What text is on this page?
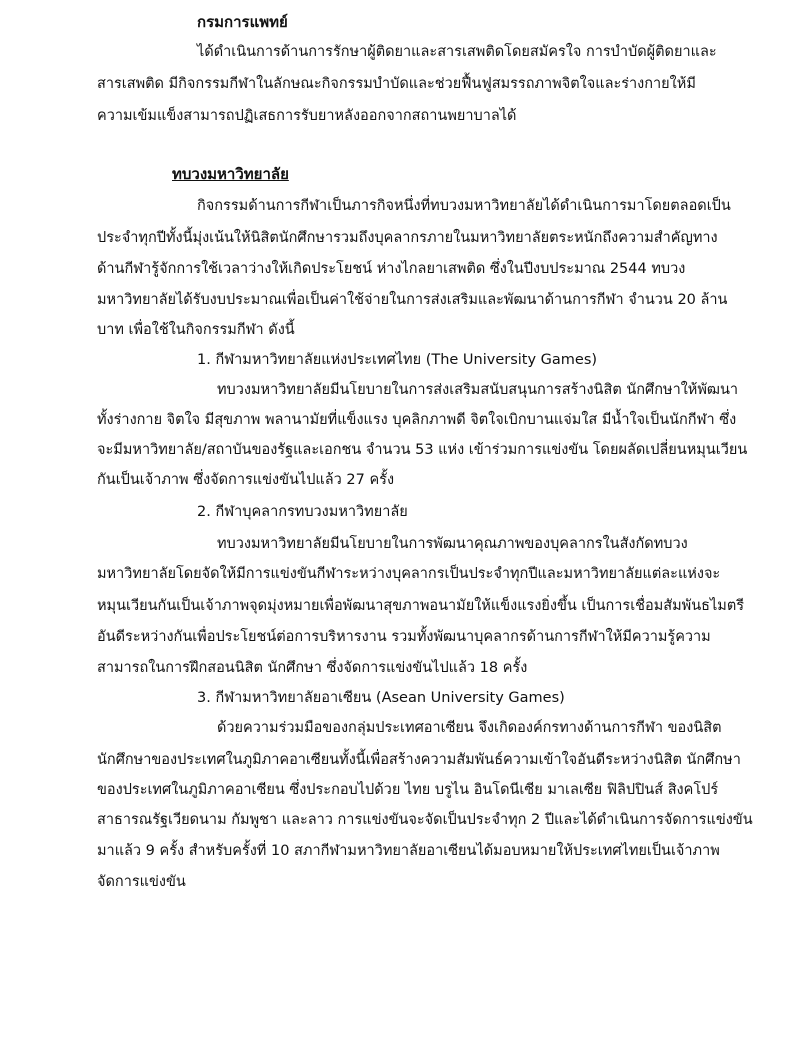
กรมการแพทย์
ได้ดำเนินการด้านการรักษาผู้ติดยาและสารเสพติดโดยสมัครใจ การบำบัดผู้ติดยาและ
สารเสพติด มีกิจกรรมกีฬาในลักษณะกิจกรรมบำบัดและช่วยฟื้นฟูสมรรถภาพจิตใจและร่างกายให้มี
ความเข้มแข็งสามารถปฏิเสธการรับยาหลังออกจากสถานพยาบาลได้
ทบวงมหาวิทยาลัย
กิจกรรมด้านการกีฬาเป็นภารกิจหนึ่งที่ทบวงมหาวิทยาลัยได้ดำเนินการมาโดยตลอดเป็น
ประจำทุกปีทั้งนี้มุ่งเน้นให้นิสิตนักศึกษารวมถึงบุคลากรภายในมหาวิทยาลัยตระหนักถึงความสำคัญทาง
ด้านกีฬารู้จักการใช้เวลาว่างให้เกิดประโยชน์ ห่างไกลยาเสพติด ซึ่งในปีงบประมาณ 2544 ทบวง
มหาวิทยาลัยได้รับงบประมาณเพื่อเป็นค่าใช้จ่ายในการส่งเสริมและพัฒนาด้านการกีฬา จำนวน 20 ล้าน
บาท เพื่อใช้ในกิจกรรมกีฬา ดังนี้
1. กีฬามหาวิทยาลัยแห่งประเทศไทย (The University Games)
ทบวงมหาวิทยาลัยมีนโยบายในการส่งเสริมสนับสนุนการสร้างนิสิต นักศึกษาให้พัฒนา
ทั้งร่างกาย จิตใจ มีสุขภาพ พลานามัยที่แข็งแรง บุคลิกภาพดี จิตใจเบิกบานแจ่มใส มีน้ำใจเป็นนักกีฬา ซึ่ง
จะมีมหาวิทยาลัย/สถาบันของรัฐและเอกชน จำนวน 53 แห่ง เข้าร่วมการแข่งขัน โดยผลัดเปลี่ยนหมุนเวียน
กันเป็นเจ้าภาพ ซึ่งจัดการแข่งขันไปแล้ว 27 ครั้ง
2. กีฬาบุคลากรทบวงมหาวิทยาลัย
ทบวงมหาวิทยาลัยมีนโยบายในการพัฒนาคุณภาพของบุคลากรในสังกัดทบวง
มหาวิทยาลัยโดยจัดให้มีการแข่งขันกีฬาระหว่างบุคลากรเป็นประจำทุกปีและมหาวิทยาลัยแต่ละแห่งจะ
หมุนเวียนกันเป็นเจ้าภาพจุดมุ่งหมายเพื่อพัฒนาสุขภาพอนามัยให้แข็งแรงยิ่งขึ้น เป็นการเชื่อมสัมพันธไมตรี
อันดีระหว่างกันเพื่อประโยชน์ต่อการบริหารงาน รวมทั้งพัฒนาบุคลากรด้านการกีฬาให้มีความรู้ความ
สามารถในการฝึกสอนนิสิต นักศึกษา ซึ่งจัดการแข่งขันไปแล้ว 18 ครั้ง
3. กีฬามหาวิทยาลัยอาเซียน (Asean University Games)
ด้วยความร่วมมือของกลุ่มประเทศอาเซียน จึงเกิดองค์กรทางด้านการกีฬา ของนิสิต
นักศึกษาของประเทศในภูมิภาคอาเซียนทั้งนี้เพื่อสร้างความสัมพันธ์ความเข้าใจอันดีระหว่างนิสิต นักศึกษา
ของประเทศในภูมิภาคอาเซียน ซึ่งประกอบไปด้วย ไทย บรูไน อินโดนีเซีย มาเลเซีย ฟิลิปปินส์ สิงคโปร์
สาธารณรัฐเวียดนาม กัมพูชา และลาว การแข่งขันจะจัดเป็นประจำทุก 2 ปีและได้ดำเนินการจัดการแข่งขัน
มาแล้ว 9 ครั้ง สำหรับครั้งที่ 10 สภากีฬามหาวิทยาลัยอาเซียนได้มอบหมายให้ประเทศไทยเป็นเจ้าภาพ
จัดการแข่งขัน
